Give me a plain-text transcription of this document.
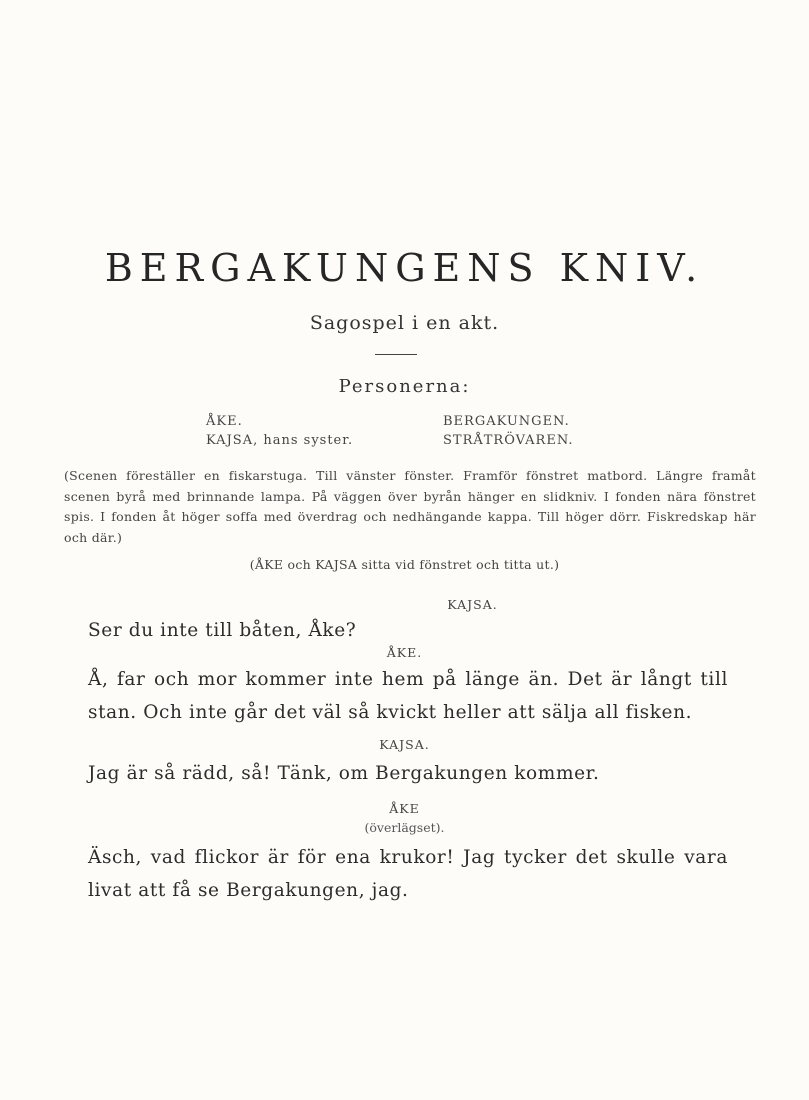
BERGAKUNGENS KNIV.
Sagospel i en akt.
Personerna:
ÅKE.
KAJSA, hans syster.
BERGAKUNGEN.
STRÅTRÖVAREN.
(Scenen föreställer en fiskarstuga. Till vänster fönster. Framför fönstret matbord. Längre framåt scenen byrå med brinnande lampa. På väggen över byrån hänger en slidkniv. I fonden nära fönstret spis. I fonden åt höger soffa med överdrag och nedhängande kappa. Till höger dörr. Fiskredskap här och där.)
(ÅKE och KAJSA sitta vid fönstret och titta ut.)
KAJSA.
Ser du inte till båten, Åke?
ÅKE.
Å, far och mor kommer inte hem på länge än. Det är långt till stan. Och inte går det väl så kvickt heller att sälja all fisken.
KAJSA.
Jag är så rädd, så! Tänk, om Bergakungen kommer.
ÅKE
(överlägset).
Äsch, vad flickor är för ena krukor! Jag tycker det skulle vara livat att få se Bergakungen, jag.
